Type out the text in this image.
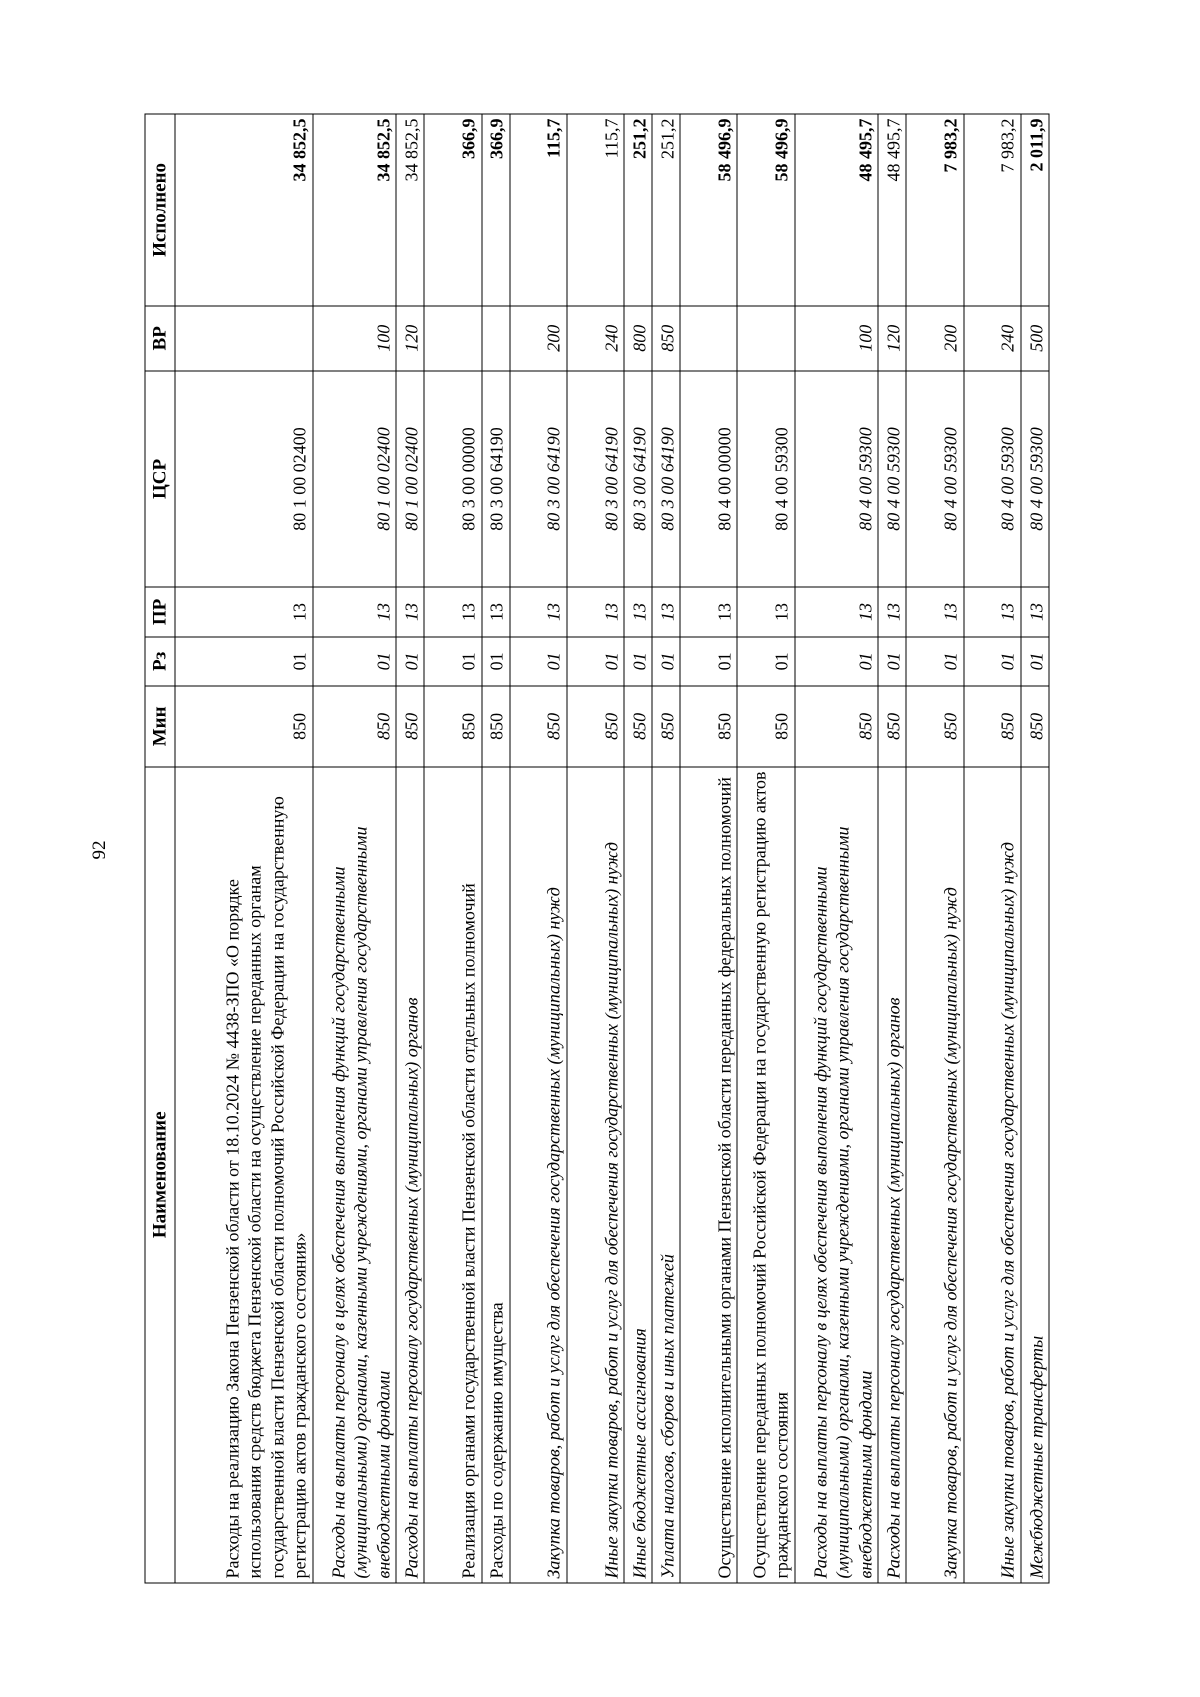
92
Наименование	Мин	Рз	ПР	ЦСР	ВР	Исполнено
Расходы на реализацию Закона Пензенской области от 18.10.2024 № 4438-ЗПО «О порядке использования средств бюджета Пензенской области на осуществление переданных органам государственной власти Пензенской области полномочий Российской Федерации на государственную регистрацию актов гражданского состояния»	850	01	13	80 1 00 02400		34 852,5
Расходы на выплаты персоналу в целях обеспечения выполнения функций государственными (муниципальными) органами, казенными учреждениями, органами управления государственными внебюджетными фондами	850	01	13	80 1 00 02400	100	34 852,5
Расходы на выплаты персоналу государственных (муниципальных) органов	850	01	13	80 1 00 02400	120	34 852,5
Реализация органами государственной власти Пензенской области отдельных полномочий	850	01	13	80 3 00 00000		366,9
Расходы по содержанию имущества	850	01	13	80 3 00 64190		366,9
Закупка товаров, работ и услуг для обеспечения государственных (муниципальных) нужд	850	01	13	80 3 00 64190	200	115,7
Иные закупки товаров, работ и услуг для обеспечения государственных (муниципальных) нужд	850	01	13	80 3 00 64190	240	115,7
Иные бюджетные ассигнования	850	01	13	80 3 00 64190	800	251,2
Уплата налогов, сборов и иных платежей	850	01	13	80 3 00 64190	850	251,2
Осуществление исполнительными органами Пензенской области переданных федеральных полномочий	850	01	13	80 4 00 00000		58 496,9
Осуществление переданных полномочий Российской Федерации на государственную регистрацию актов гражданского состояния	850	01	13	80 4 00 59300		58 496,9
Расходы на выплаты персоналу в целях обеспечения выполнения функций государственными (муниципальными) органами, казенными учреждениями, органами управления государственными внебюджетными фондами	850	01	13	80 4 00 59300	100	48 495,7
Расходы на выплаты персоналу государственных (муниципальных) органов	850	01	13	80 4 00 59300	120	48 495,7
Закупка товаров, работ и услуг для обеспечения государственных (муниципальных) нужд	850	01	13	80 4 00 59300	200	7 983,2
Иные закупки товаров, работ и услуг для обеспечения государственных (муниципальных) нужд	850	01	13	80 4 00 59300	240	7 983,2
Межбюджетные трансферты	850	01	13	80 4 00 59300	500	2 011,9
